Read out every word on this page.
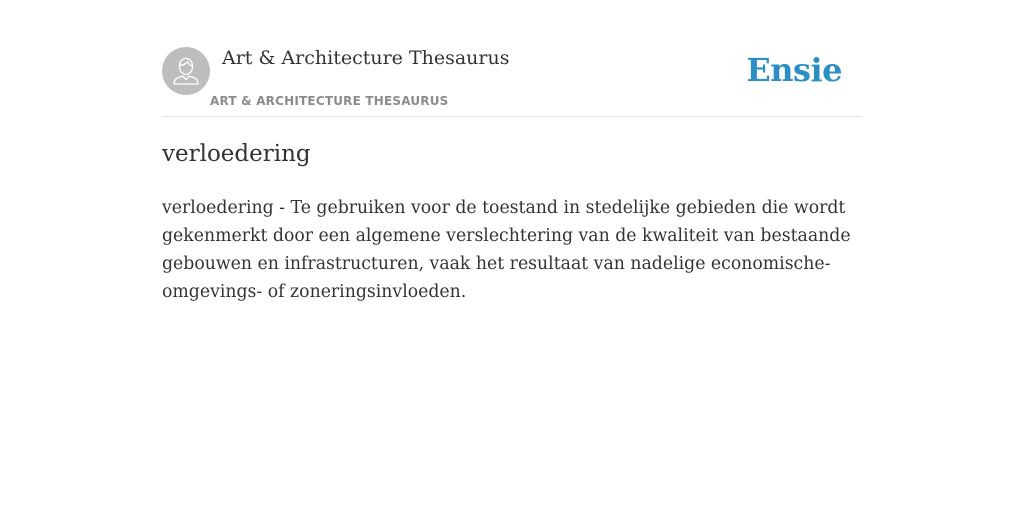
Art & Architecture Thesaurus
ART & ARCHITECTURE THESAURUS
Ensie
verloedering

verloedering - Te gebruiken voor de toestand in stedelijke gebieden die wordt gekenmerkt door een algemene verslechtering van de kwaliteit van bestaande gebouwen en infrastructuren, vaak het resultaat van nadelige economische- omgevings- of zoneringsinvloeden.
